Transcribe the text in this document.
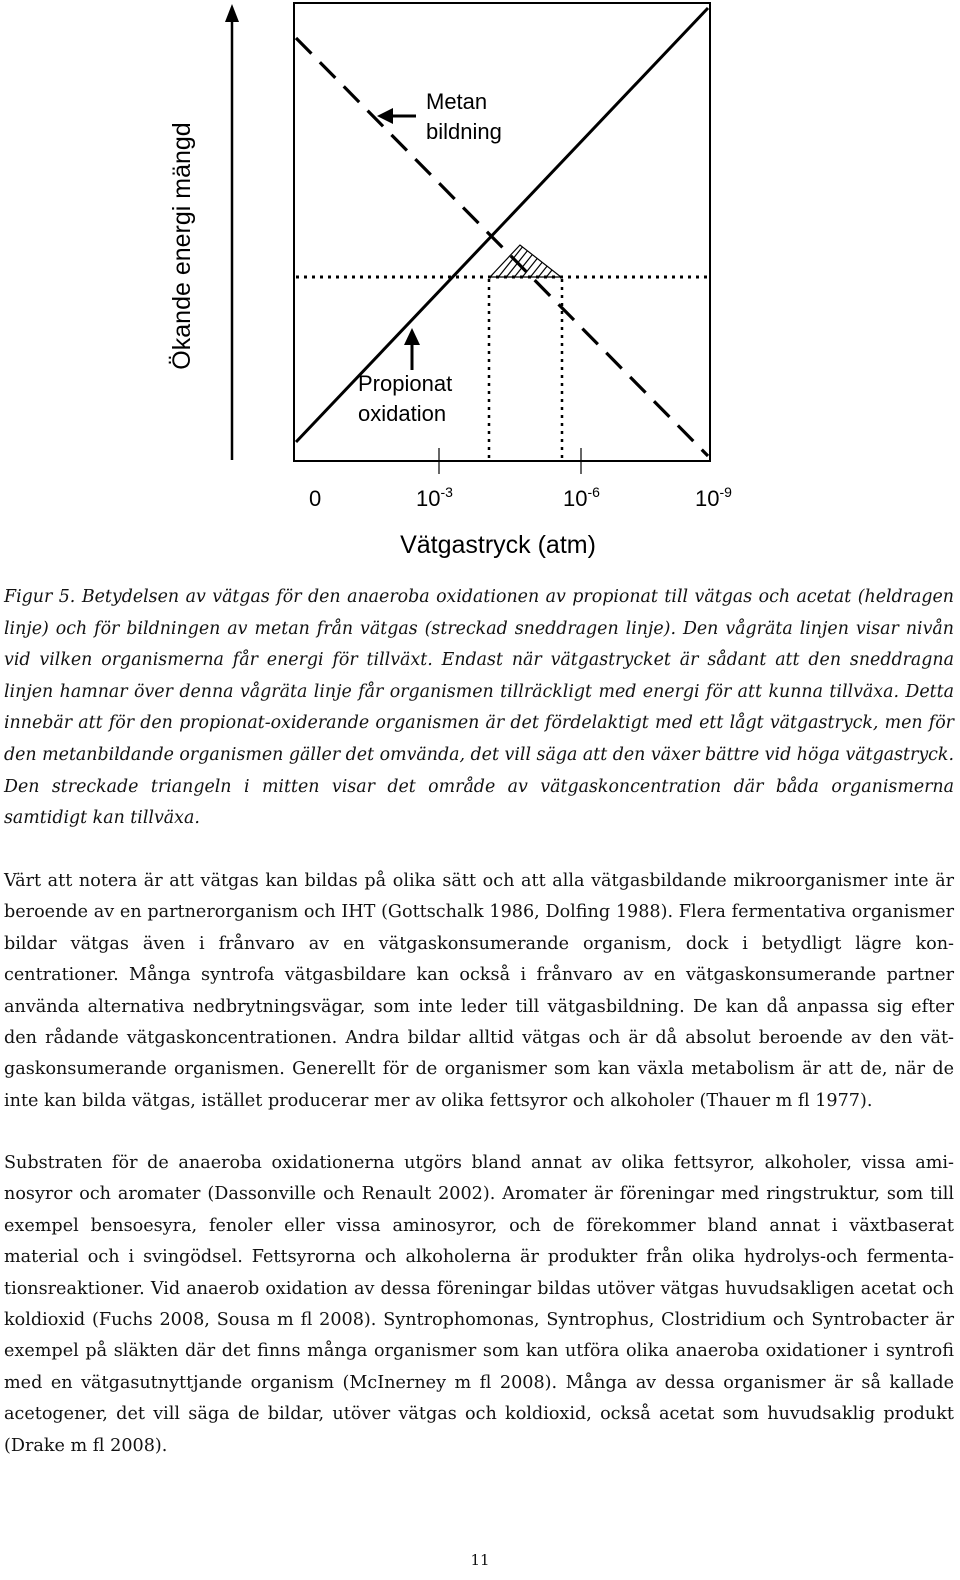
Ökande energi mängd
Metan
bildning
Propionat
oxidation
0	$10^{-3}$	$10^{-6}$	$10^{-9}$
Vätgastryck (atm)

Figur 5. Betydelsen av vätgas för den anaeroba oxidationen av propionat till vätgas och acetat (heldragen linje) och för bildningen av metan från vätgas (streckad sneddragen linje). Den vågräta linjen visar nivån vid vilken organismerna får energi för tillväxt. Endast när vätgastrycket är sådant att den sneddragna linjen hamnar över denna vågräta linje får organismen tillräckligt med energi för att kunna tillväxa. Detta innebär att för den propionat-oxiderande organismen är det fördelaktigt med ett lågt vätgastryck, men för den metanbildande organismen gäller det omvända, det vill säga att den växer bättre vid höga vätgastryck. Den streckade triangeln i mitten visar det område av vätgaskoncentration där båda organismerna samtidigt kan tillväxa.

Värt att notera är att vätgas kan bildas på olika sätt och att alla vätgasbildande mikroorganismer inte är beroende av en partnerorganism och IHT (Gottschalk 1986, Dolfing 1988). Flera fermentativa organismer bildar vätgas även i frånvaro av en vätgaskonsumerande organism, dock i betydligt lägre koncentrationer. Många syntrofa vätgasbildare kan också i frånvaro av en vätgaskonsumerande partner använda alternativa nedbrytningsvägar, som inte leder till vätgasbildning. De kan då anpassa sig efter den rådande vätgaskoncentrationen. Andra bildar alltid vätgas och är då absolut beroende av den vätgaskonsumerande organismen. Generellt för de organismer som kan växla metabolism är att de, när de inte kan bilda vätgas, istället producerar mer av olika fettsyror och alkoholer (Thauer m fl 1977).

Substraten för de anaeroba oxidationerna utgörs bland annat av olika fettsyror, alkoholer, vissa aminosyror och aromater (Dassonville och Renault 2002). Aromater är föreningar med ringstruktur, som till exempel bensoesyra, fenoler eller vissa aminosyror, och de förekommer bland annat i växtbaserat material och i svingödsel. Fettsyrorna och alkoholerna är produkter från olika hydrolys-och fermentationsreaktioner. Vid anaerob oxidation av dessa föreningar bildas utöver vätgas huvudsakligen acetat och koldioxid (Fuchs 2008, Sousa m fl 2008). Syntrophomonas, Syntrophus, Clostridium och Syntrobacter är exempel på släkten där det finns många organismer som kan utföra olika anaeroba oxidationer i syntrofi med en vätgasutnyttjande organism (McInerney m fl 2008). Många av dessa organismer är så kallade acetogener, det vill säga de bildar, utöver vätgas och koldioxid, också acetat som huvudsaklig produkt (Drake m fl 2008).

11
